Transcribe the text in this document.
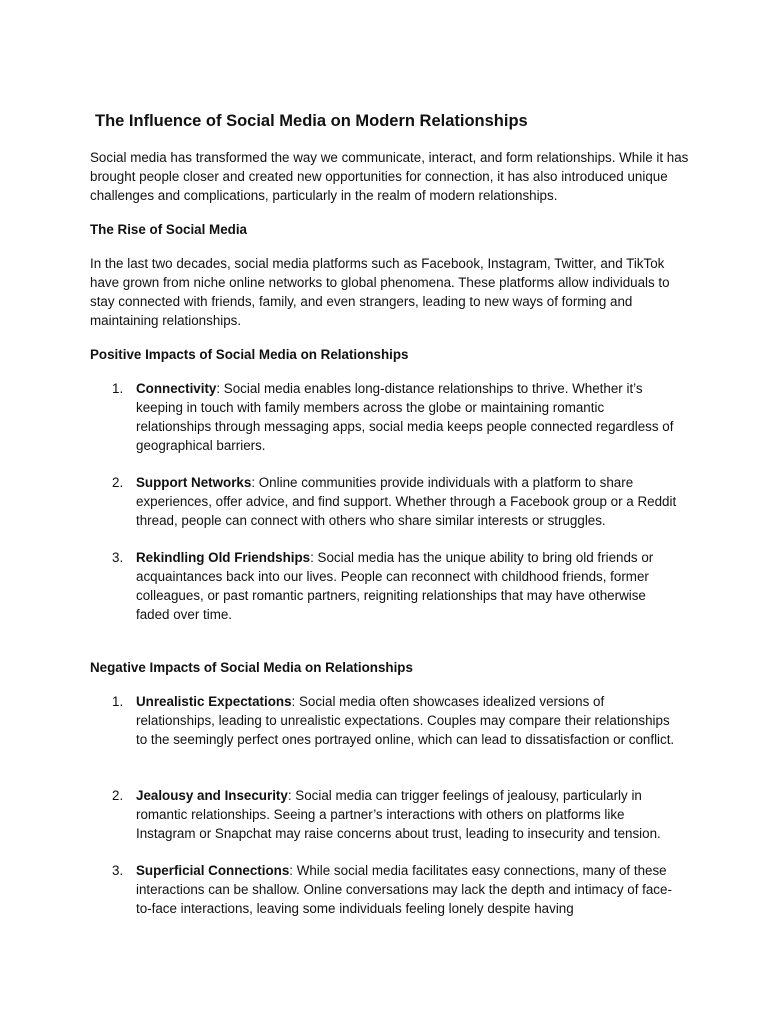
The Influence of Social Media on Modern Relationships

Social media has transformed the way we communicate, interact, and form relationships. While it has brought people closer and created new opportunities for connection, it has also introduced unique challenges and complications, particularly in the realm of modern relationships.

The Rise of Social Media

In the last two decades, social media platforms such as Facebook, Instagram, Twitter, and TikTok have grown from niche online networks to global phenomena. These platforms allow individuals to stay connected with friends, family, and even strangers, leading to new ways of forming and maintaining relationships.

Positive Impacts of Social Media on Relationships
1. Connectivity: Social media enables long-distance relationships to thrive. Whether it’s keeping in touch with family members across the globe or maintaining romantic relationships through messaging apps, social media keeps people connected regardless of geographical barriers.
2. Support Networks: Online communities provide individuals with a platform to share experiences, offer advice, and find support. Whether through a Facebook group or a Reddit thread, people can connect with others who share similar interests or struggles.
3. Rekindling Old Friendships: Social media has the unique ability to bring old friends or acquaintances back into our lives. People can reconnect with childhood friends, former colleagues, or past romantic partners, reigniting relationships that may have otherwise faded over time.
Negative Impacts of Social Media on Relationships
1. Unrealistic Expectations: Social media often showcases idealized versions of relationships, leading to unrealistic expectations. Couples may compare their relationships to the seemingly perfect ones portrayed online, which can lead to dissatisfaction or conflict.
2. Jealousy and Insecurity: Social media can trigger feelings of jealousy, particularly in romantic relationships. Seeing a partner’s interactions with others on platforms like Instagram or Snapchat may raise concerns about trust, leading to insecurity and tension.
3. Superficial Connections: While social media facilitates easy connections, many of these interactions can be shallow. Online conversations may lack the depth and intimacy of face-to-face interactions, leaving some individuals feeling lonely despite having
